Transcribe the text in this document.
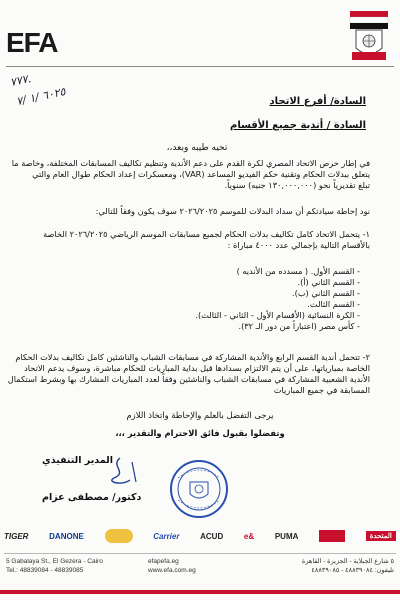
EFA
٧٧٧.
٦٠٢٥ /١ /٧	السادة/ أفرع الاتحاد
السادة / أندية جميع الأقسام
تحيه طيبه وبعد،،
في إطار حرص الاتحاد المصري لكرة القدم على دعم الأندية وتنظيم تكاليف المسابقات المختلفة، وخاصة ما
يتعلق ببدلات الحكام وتقنية حكم الفيديو المساعد (VAR)، ومعسكرات إعداد الحكام طوال العام والتي
تبلغ تقديرياً نحو (١٣٠,٠٠٠,٠٠٠ جنيه) سنوياً.
نود إحاطة سيادتكم أن سداد البدلات للموسم ٢٠٢٦/٢٠٢٥ سوف يكون وفقاً للتالي:
١- يتحمل الاتحاد كامل تكاليف بدلات الحكام لجميع مسابقات الموسم الرياضي ٢٠٢٦/٢٠٢٥ الخاصة
بالأقسام التالية بإجمالي عدد ٤٠٠٠ مباراة :
- القسم الأول. ( مسدده من الأنديه )
- القسم الثاني (أ).
- القسم الثاني (ب).
- القسم الثالث.
- الكرة النسائية (الأقسام الأول - الثاني - الثالث).
- كأس مصر (اعتباراً من دور الـ ٣٢).
٢- تتحمل أندية القسم الرابع والأندية المشاركة في مسابقات الشباب والناشئين كامل تكاليف بدلات الحكام
الخاصة بمبارياتها، على أن يتم الالتزام بسدادها قبل بداية المباريات للحكام مباشرة، وسوف يدعم الاتحاد
الأندية الشعبية المشاركة في مسابقات الشباب والناشئين وفقاً لعدد المباريات المشارك بها وبشرط استكمال
المسابقة في جميع المباريات
يرجى التفضل بالعلم والإحاطة واتخاذ اللازم
وتفضلوا بقبول فائق الاحترام والتقدير ،،،
المدير التنفيذي
دكتور/ مصطفى عزام
TIGER	DANONE	Carrier	ACUD	e&	PUMA	المتحدة
5 Gabalaya St., El Gezera - Cairo
Tel.: 48839084 - 48839085
efapefa.eg
www.efa.com.eg
٥ شارع الجبلاية - الجزيرة - القاهرة
تليفون: ٤٨٨٣٩٠٨٤ - ٤٨٨٣٩٠٨٥
